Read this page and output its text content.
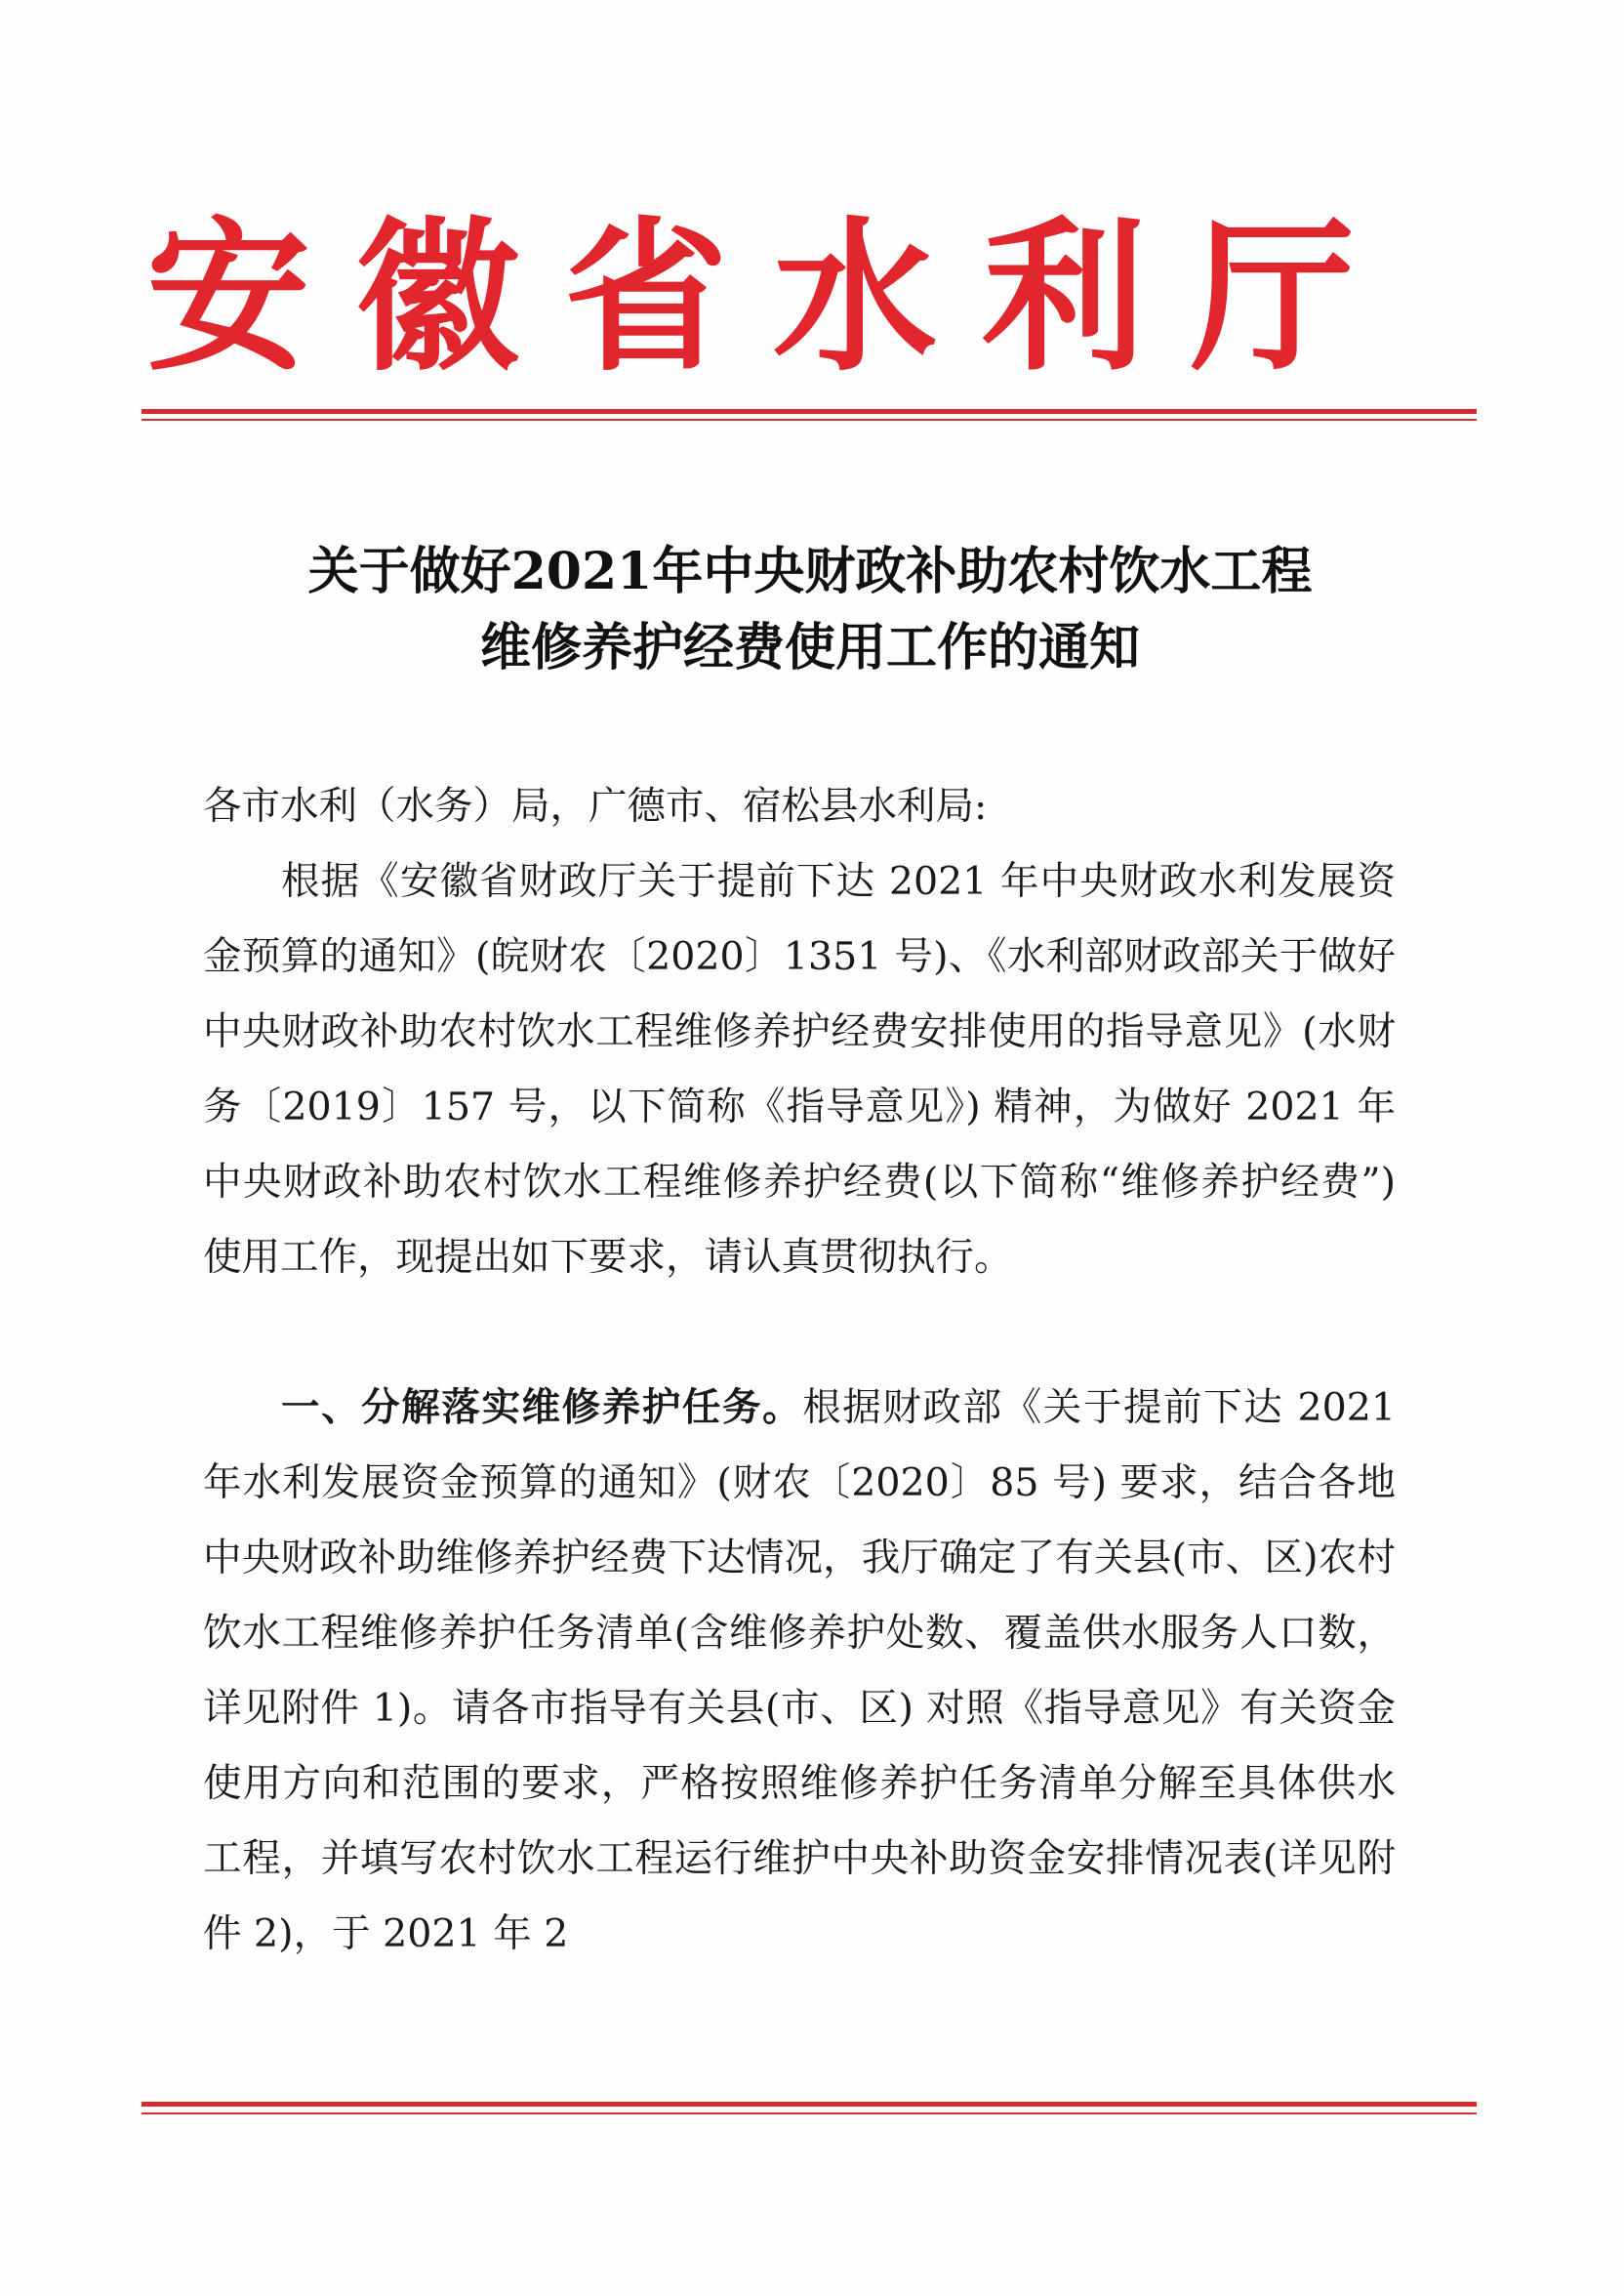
安徽省水利厅
关于做好2021年中央财政补助农村饮水工程
维修养护经费使用工作的通知
各市水利（水务）局，广德市、宿松县水利局:

根据《安徽省财政厅关于提前下达 2021 年中央财政水利发展资金预算的通知》(皖财农〔2020〕1351 号)、《水利部财政部关于做好中央财政补助农村饮水工程维修养护经费安排使用的指导意见》(水财务〔2019〕157 号，以下简称《指导意见》) 精神，为做好 2021 年中央财政补助农村饮水工程维修养护经费(以下简称“维修养护经费”) 使用工作，现提出如下要求，请认真贯彻执行。

一、分解落实维修养护任务。根据财政部《关于提前下达 2021 年水利发展资金预算的通知》(财农〔2020〕85 号) 要求，结合各地中央财政补助维修养护经费下达情况，我厅确定了有关县(市、区)农村饮水工程维修养护任务清单(含维修养护处数、覆盖供水服务人口数，详见附件 1)。请各市指导有关县(市、区) 对照《指导意见》有关资金使用方向和范围的要求，严格按照维修养护任务清单分解至具体供水工程，并填写农村饮水工程运行维护中央补助资金安排情况表(详见附件 2)，于 2021 年 2
